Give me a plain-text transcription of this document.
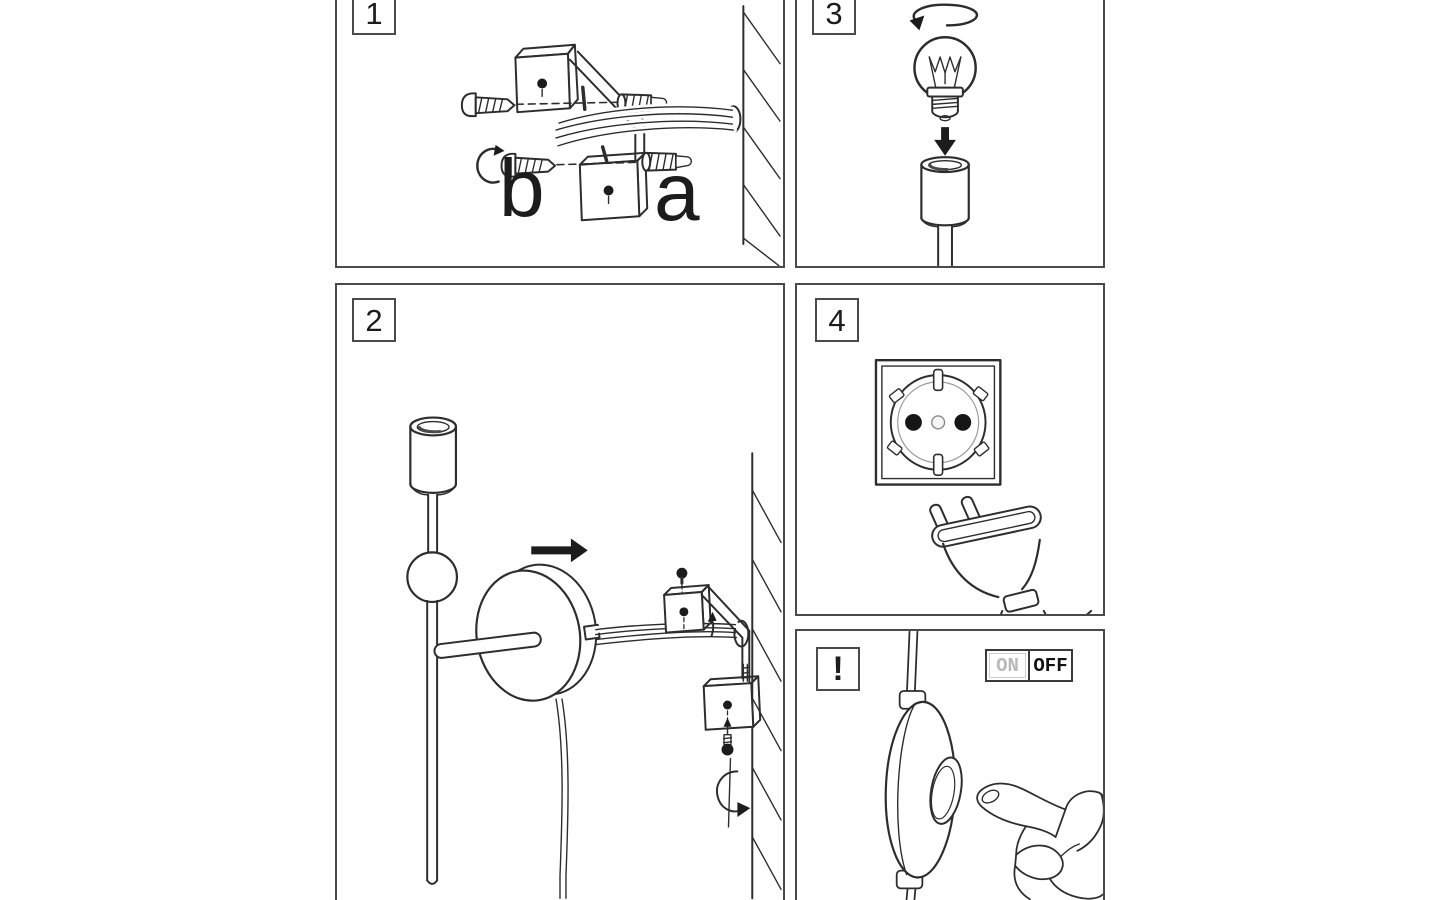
1
b a
3
2	4
!	ON OFF
